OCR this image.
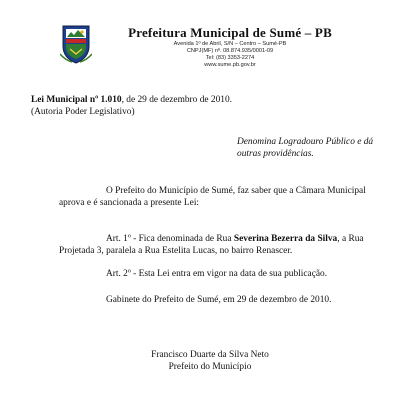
Prefeitura Municipal de Sumé – PB
Avenida 1º de Abril, S/N – Centro – Sumé-PB
CNPJ(MF) nº. 08.874.935/0001-09
Tel: (83) 3353-2274
www.sume.pb.gov.br
Lei Municipal nº 1.010, de 29 de dezembro de 2010.
(Autoria Poder Legislativo)
Denomina Logradouro Público e dá
outras providências.
O Prefeito do Município de Sumé, faz saber que a Câmara Municipal
aprova e é sancionada a presente Lei:
Art. 1º - Fica denominada de Rua Severina Bezerra da Silva, a Rua
Projetada 3, paralela a Rua Estelita Lucas, no bairro Renascer.
Art. 2º - Esta Lei entra em vigor na data de sua publicação.
Gabinete do Prefeito de Sumé, em 29 de dezembro de 2010.
Francisco Duarte da Silva Neto
Prefeito do Município
